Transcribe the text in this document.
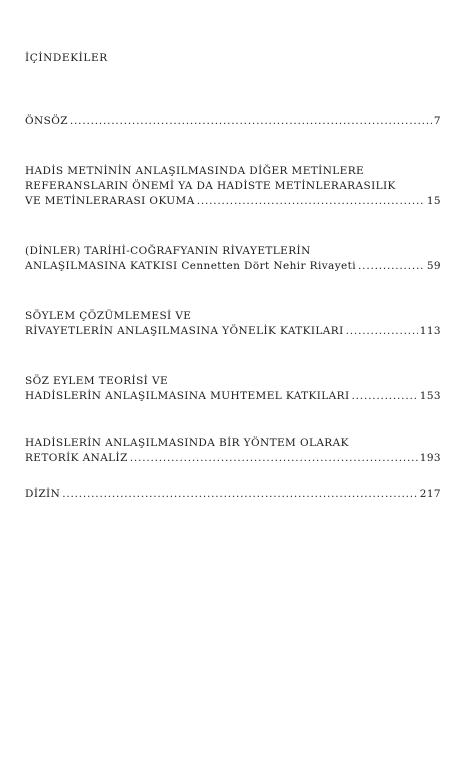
İÇİNDEKİLER
ÖNSÖZ .....	7
HADİS METNİNİN ANLAŞILMASINDA DİĞER METİNLERE
REFERANSLARIN ÖNEMİ YA DA HADİSTE METİNLERARASILIK
VE METİNLERARASI OKUMA .....	15
(DİNLER) TARİHİ-COĞRAFYANIN RİVAYETLERİN
ANLAŞILMASINA KATKISI Cennetten Dört Nehir Rivayeti .....	59
SÖYLEM ÇÖZÜMLEMESİ VE
RİVAYETLERİN ANLAŞILMASINA YÖNELİK KATKILARI .....	113
SÖZ EYLEM TEORİSİ VE
HADİSLERİN ANLAŞILMASINA MUHTEMEL KATKILARI .....	153
HADİSLERİN ANLAŞILMASINDA BİR YÖNTEM OLARAK
RETORİK ANALİZ .....	193
DİZİN .....	217
